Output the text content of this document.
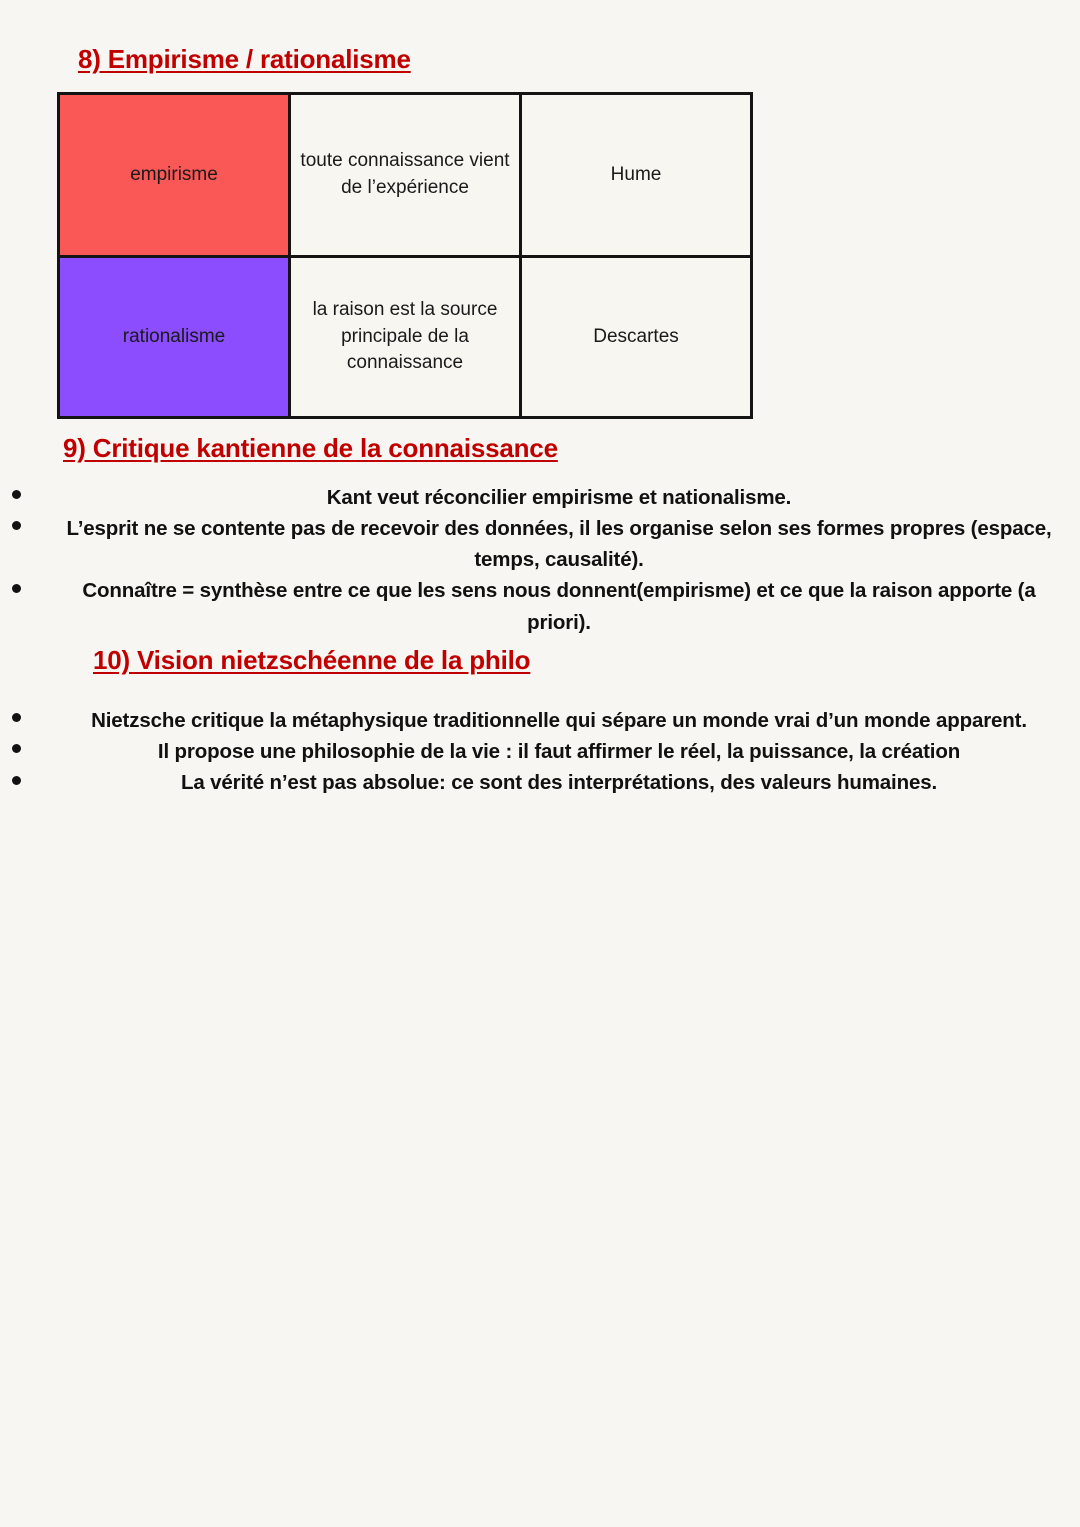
8) Empirisme / rationalisme
empirisme	toute connaissance vient de l’expérience	Hume
rationalisme	la raison est la source principale de la connaissance	Descartes
9) Critique kantienne de la connaissance
Kant veut réconcilier empirisme et nationalisme.
L’esprit ne se contente pas de recevoir des données, il les organise selon ses formes propres (espace, temps, causalité).
Connaître = synthèse entre ce que les sens nous donnent(empirisme) et ce que la raison apporte (a priori).
10) Vision nietzschéenne de la philo
Nietzsche critique la métaphysique traditionnelle qui sépare un monde vrai d’un monde apparent.
Il propose une philosophie de la vie : il faut affirmer le réel, la puissance, la création
La vérité n’est pas absolue: ce sont des interprétations, des valeurs humaines.
